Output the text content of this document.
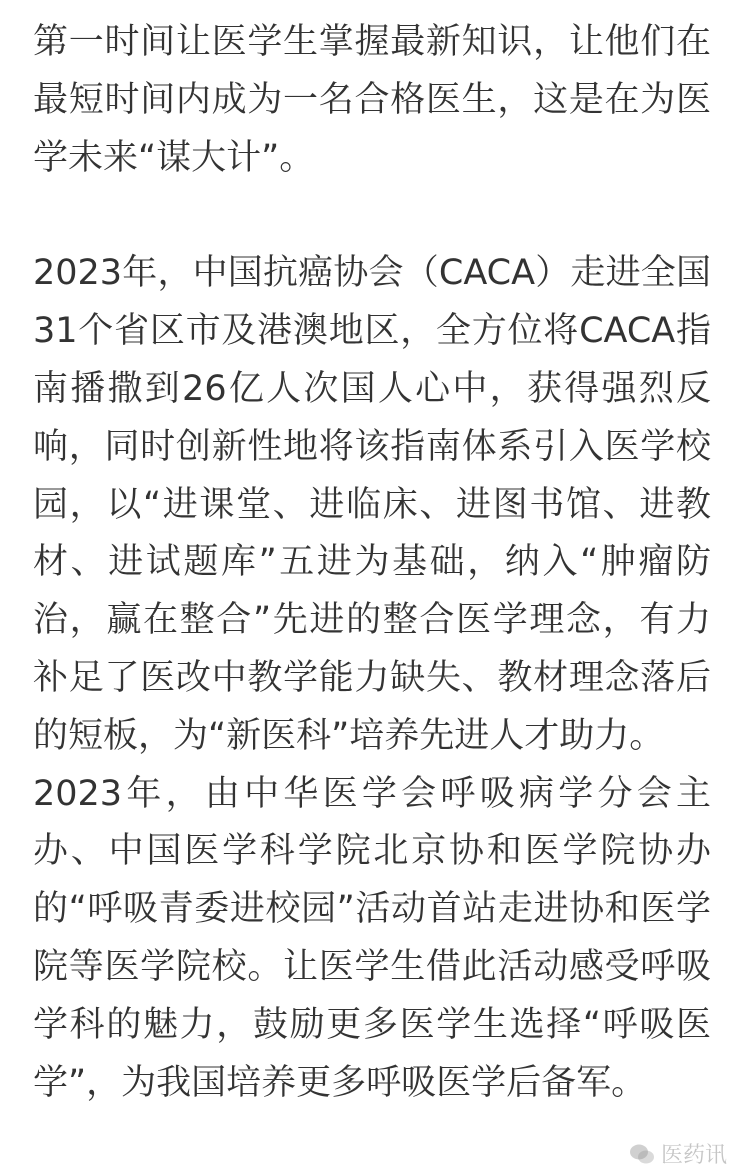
第一时间让医学生掌握最新知识，让他们在最短时间内成为一名合格医生，这是在为医学未来“谋大计”。

2023年，中国抗癌协会（CACA）走进全国31个省区市及港澳地区，全方位将CACA指南播撒到26亿人次国人心中，获得强烈反响，同时创新性地将该指南体系引入医学校园，以“进课堂、进临床、进图书馆、进教材、进试题库”五进为基础，纳入“肿瘤防治，赢在整合”先进的整合医学理念，有力补足了医改中教学能力缺失、教材理念落后的短板，为“新医科”培养先进人才助力。

2023年，由中华医学会呼吸病学分会主办、中国医学科学院北京协和医学院协办的“呼吸青委进校园”活动首站走进协和医学院等医学院校。让医学生借此活动感受呼吸学科的魅力，鼓励更多医学生选择“呼吸医学”，为我国培养更多呼吸医学后备军。

医药讯
